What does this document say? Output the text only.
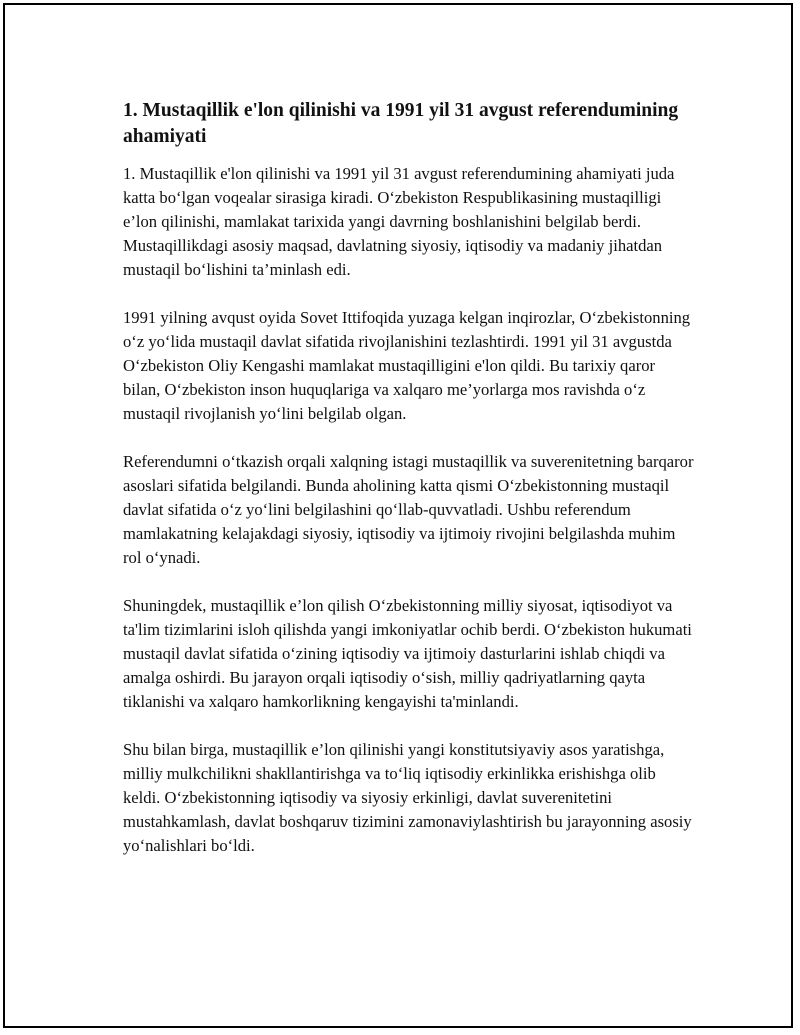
1. Mustaqillik e'lon qilinishi va 1991 yil 31 avgust referendumining ahamiyati

1. Mustaqillik e'lon qilinishi va 1991 yil 31 avgust referendumining ahamiyati juda katta bo‘lgan voqealar sirasiga kiradi. O‘zbekiston Respublikasining mustaqilligi e’lon qilinishi, mamlakat tarixida yangi davrning boshlanishini belgilab berdi. Mustaqillikdagi asosiy maqsad, davlatning siyosiy, iqtisodiy va madaniy jihatdan mustaqil bo‘lishini ta’minlash edi.

1991 yilning avqust oyida Sovet Ittifoqida yuzaga kelgan inqirozlar, O‘zbekistonning o‘z yo‘lida mustaqil davlat sifatida rivojlanishini tezlashtirdi. 1991 yil 31 avgustda O‘zbekiston Oliy Kengashi mamlakat mustaqilligini e'lon qildi. Bu tarixiy qaror bilan, O‘zbekiston inson huquqlariga va xalqaro me’yorlarga mos ravishda o‘z mustaqil rivojlanish yo‘lini belgilab olgan.

Referendumni o‘tkazish orqali xalqning istagi mustaqillik va suverenitetning barqaror asoslari sifatida belgilandi. Bunda aholining katta qismi O‘zbekistonning mustaqil davlat sifatida o‘z yo‘lini belgilashini qo‘llab-quvvatladi. Ushbu referendum mamlakatning kelajakdagi siyosiy, iqtisodiy va ijtimoiy rivojini belgilashda muhim rol o‘ynadi.

Shuningdek, mustaqillik e’lon qilish O‘zbekistonning milliy siyosat, iqtisodiyot va ta'lim tizimlarini isloh qilishda yangi imkoniyatlar ochib berdi. O‘zbekiston hukumati mustaqil davlat sifatida o‘zining iqtisodiy va ijtimoiy dasturlarini ishlab chiqdi va amalga oshirdi. Bu jarayon orqali iqtisodiy o‘sish, milliy qadriyatlarning qayta tiklanishi va xalqaro hamkorlikning kengayishi ta'minlandi.

Shu bilan birga, mustaqillik e’lon qilinishi yangi konstitutsiyaviy asos yaratishga, milliy mulkchilikni shakllantirishga va to‘liq iqtisodiy erkinlikka erishishga olib keldi. O‘zbekistonning iqtisodiy va siyosiy erkinligi, davlat suverenitetini mustahkamlash, davlat boshqaruv tizimini zamonaviylashtirish bu jarayonning asosiy yo‘nalishlari bo‘ldi.
